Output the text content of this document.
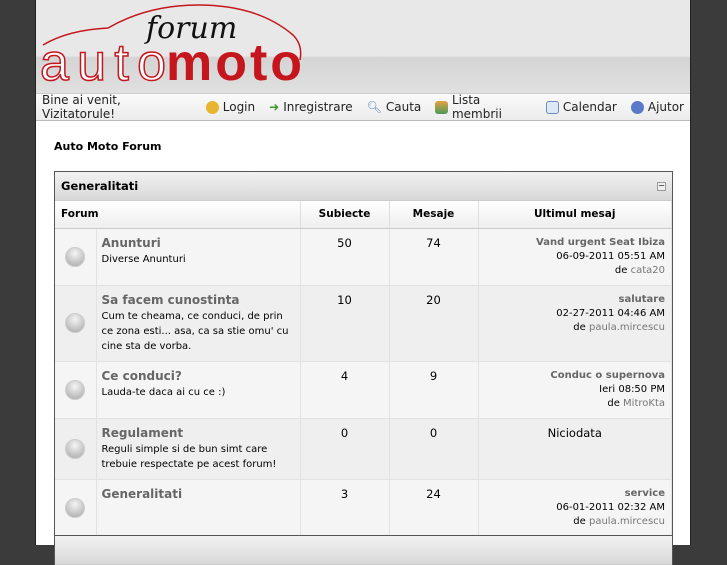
forum
auto moto
Bine ai venit, Vizitatorule!	Login ➜ Inregistrare 🔍︎ Cauta	Lista membrii	Calendar	Ajutor
Auto Moto Forum
Generalitati	−
Forum		Subiecte	Mesaje	Ultimul mesaj

	Anunturi
Diverse Anunturi	50	74	Vand urgent Seat Ibiza
06-09-2011 05:51 AM
de cata20

	Sa facem cunostinta
Cum te cheama, ce conduci, de prin ce zona esti... asa, ca sa stie omu' cu cine sta de vorba.	10	20	salutare
02-27-2011 04:46 AM
de paula.mircescu

	Ce conduci?
Lauda-te daca ai cu ce :)	4	9	Conduc o supernova
Ieri 08:50 PM
de MitroKta

	Regulament
Reguli simple si de bun simt care trebuie respectate pe acest forum!	0	0	Niciodata

	Generalitati	3	24	service
06-01-2011 02:32 AM
de paula.mircescu
